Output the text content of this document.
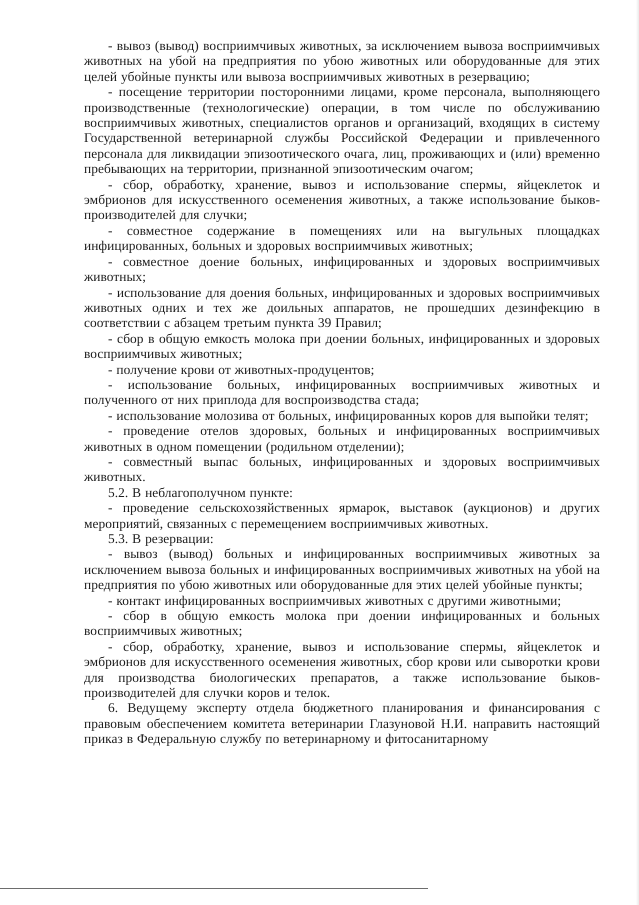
- вывоз (вывод) восприимчивых животных, за исключением вывоза восприимчивых животных на убой на предприятия по убою животных или оборудованные для этих целей убойные пункты или вывоза восприимчивых животных в резервацию;

- посещение территории посторонними лицами, кроме персонала, выполняющего производственные (технологические) операции, в том числе по обслуживанию восприимчивых животных, специалистов органов и организаций, входящих в систему Государственной ветеринарной службы Российской Федерации и привлеченного персонала для ликвидации эпизоотического очага, лиц, проживающих и (или) временно пребывающих на территории, признанной эпизоотическим очагом;

- сбор, обработку, хранение, вывоз и использование спермы, яйцеклеток и эмбрионов для искусственного осеменения животных, а также использование быков-производителей для случки;

- совместное содержание в помещениях или на выгульных площадках инфицированных, больных и здоровых восприимчивых животных;

- совместное доение больных, инфицированных и здоровых восприимчивых животных;

- использование для доения больных, инфицированных и здоровых восприимчивых животных одних и тех же доильных аппаратов, не прошедших дезинфекцию в соответствии с абзацем третьим пункта 39 Правил;

- сбор в общую емкость молока при доении больных, инфицированных и здоровых восприимчивых животных;

- получение крови от животных-продуцентов;

- использование больных, инфицированных восприимчивых животных и полученного от них приплода для воспроизводства стада;

- использование молозива от больных, инфицированных коров для выпойки телят;

- проведение отелов здоровых, больных и инфицированных восприимчивых животных в одном помещении (родильном отделении);

- совместный выпас больных, инфицированных и здоровых восприимчивых животных.

5.2. В неблагополучном пункте:

- проведение сельскохозяйственных ярмарок, выставок (аукционов) и других мероприятий, связанных с перемещением восприимчивых животных.

5.3. В резервации:

- вывоз (вывод) больных и инфицированных восприимчивых животных за исключением вывоза больных и инфицированных восприимчивых животных на убой на предприятия по убою животных или оборудованные для этих целей убойные пункты;

- контакт инфицированных восприимчивых животных с другими животными;

- сбор в общую емкость молока при доении инфицированных и больных восприимчивых животных;

- сбор, обработку, хранение, вывоз и использование спермы, яйцеклеток и эмбрионов для искусственного осеменения животных, сбор крови или сыворотки крови для производства биологических препаратов, а также использование быков-производителей для случки коров и телок.

6. Ведущему эксперту отдела бюджетного планирования и финансирования с правовым обеспечением комитета ветеринарии Глазуновой Н.И. направить настоящий приказ в Федеральную службу по ветеринарному и фитосанитарному
